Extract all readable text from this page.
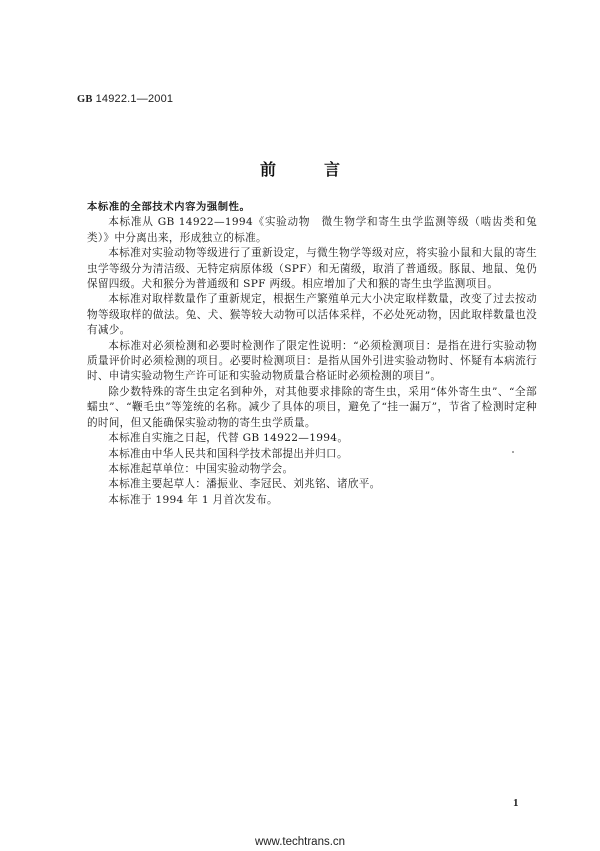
GB 14922.1—2001
前	言

本标准的全部技术内容为强制性。

本标准从 GB 14922—1994《实验动物　微生物学和寄生虫学监测等级（啮齿类和兔类）》中分离出来，形成独立的标准。

本标准对实验动物等级进行了重新设定，与微生物学等级对应，将实验小鼠和大鼠的寄生虫学等级分为清洁级、无特定病原体级（SPF）和无菌级，取消了普通级。豚鼠、地鼠、兔仍保留四级。犬和猴分为普通级和 SPF 两级。相应增加了犬和猴的寄生虫学监测项目。

本标准对取样数量作了重新规定，根据生产繁殖单元大小决定取样数量，改变了过去按动物等级取样的做法。兔、犬、猴等较大动物可以活体采样，不必处死动物，因此取样数量也没有减少。

本标准对必须检测和必要时检测作了限定性说明：“必须检测项目：是指在进行实验动物质量评价时必须检测的项目。必要时检测项目：是指从国外引进实验动物时、怀疑有本病流行时、申请实验动物生产许可证和实验动物质量合格证时必须检测的项目”。

除少数特殊的寄生虫定名到种外，对其他要求排除的寄生虫，采用“体外寄生虫”、“全部蠕虫”、“鞭毛虫”等笼统的名称。减少了具体的项目，避免了“挂一漏万”，节省了检测时定种的时间，但又能确保实验动物的寄生虫学质量。

本标准自实施之日起，代替 GB 14922—1994。

本标准由中华人民共和国科学技术部提出并归口。

本标准起草单位：中国实验动物学会。

本标准主要起草人：潘振业、李冠民、刘兆铭、诸欣平。

本标准于 1994 年 1 月首次发布。

1
www.techtrans.cn
